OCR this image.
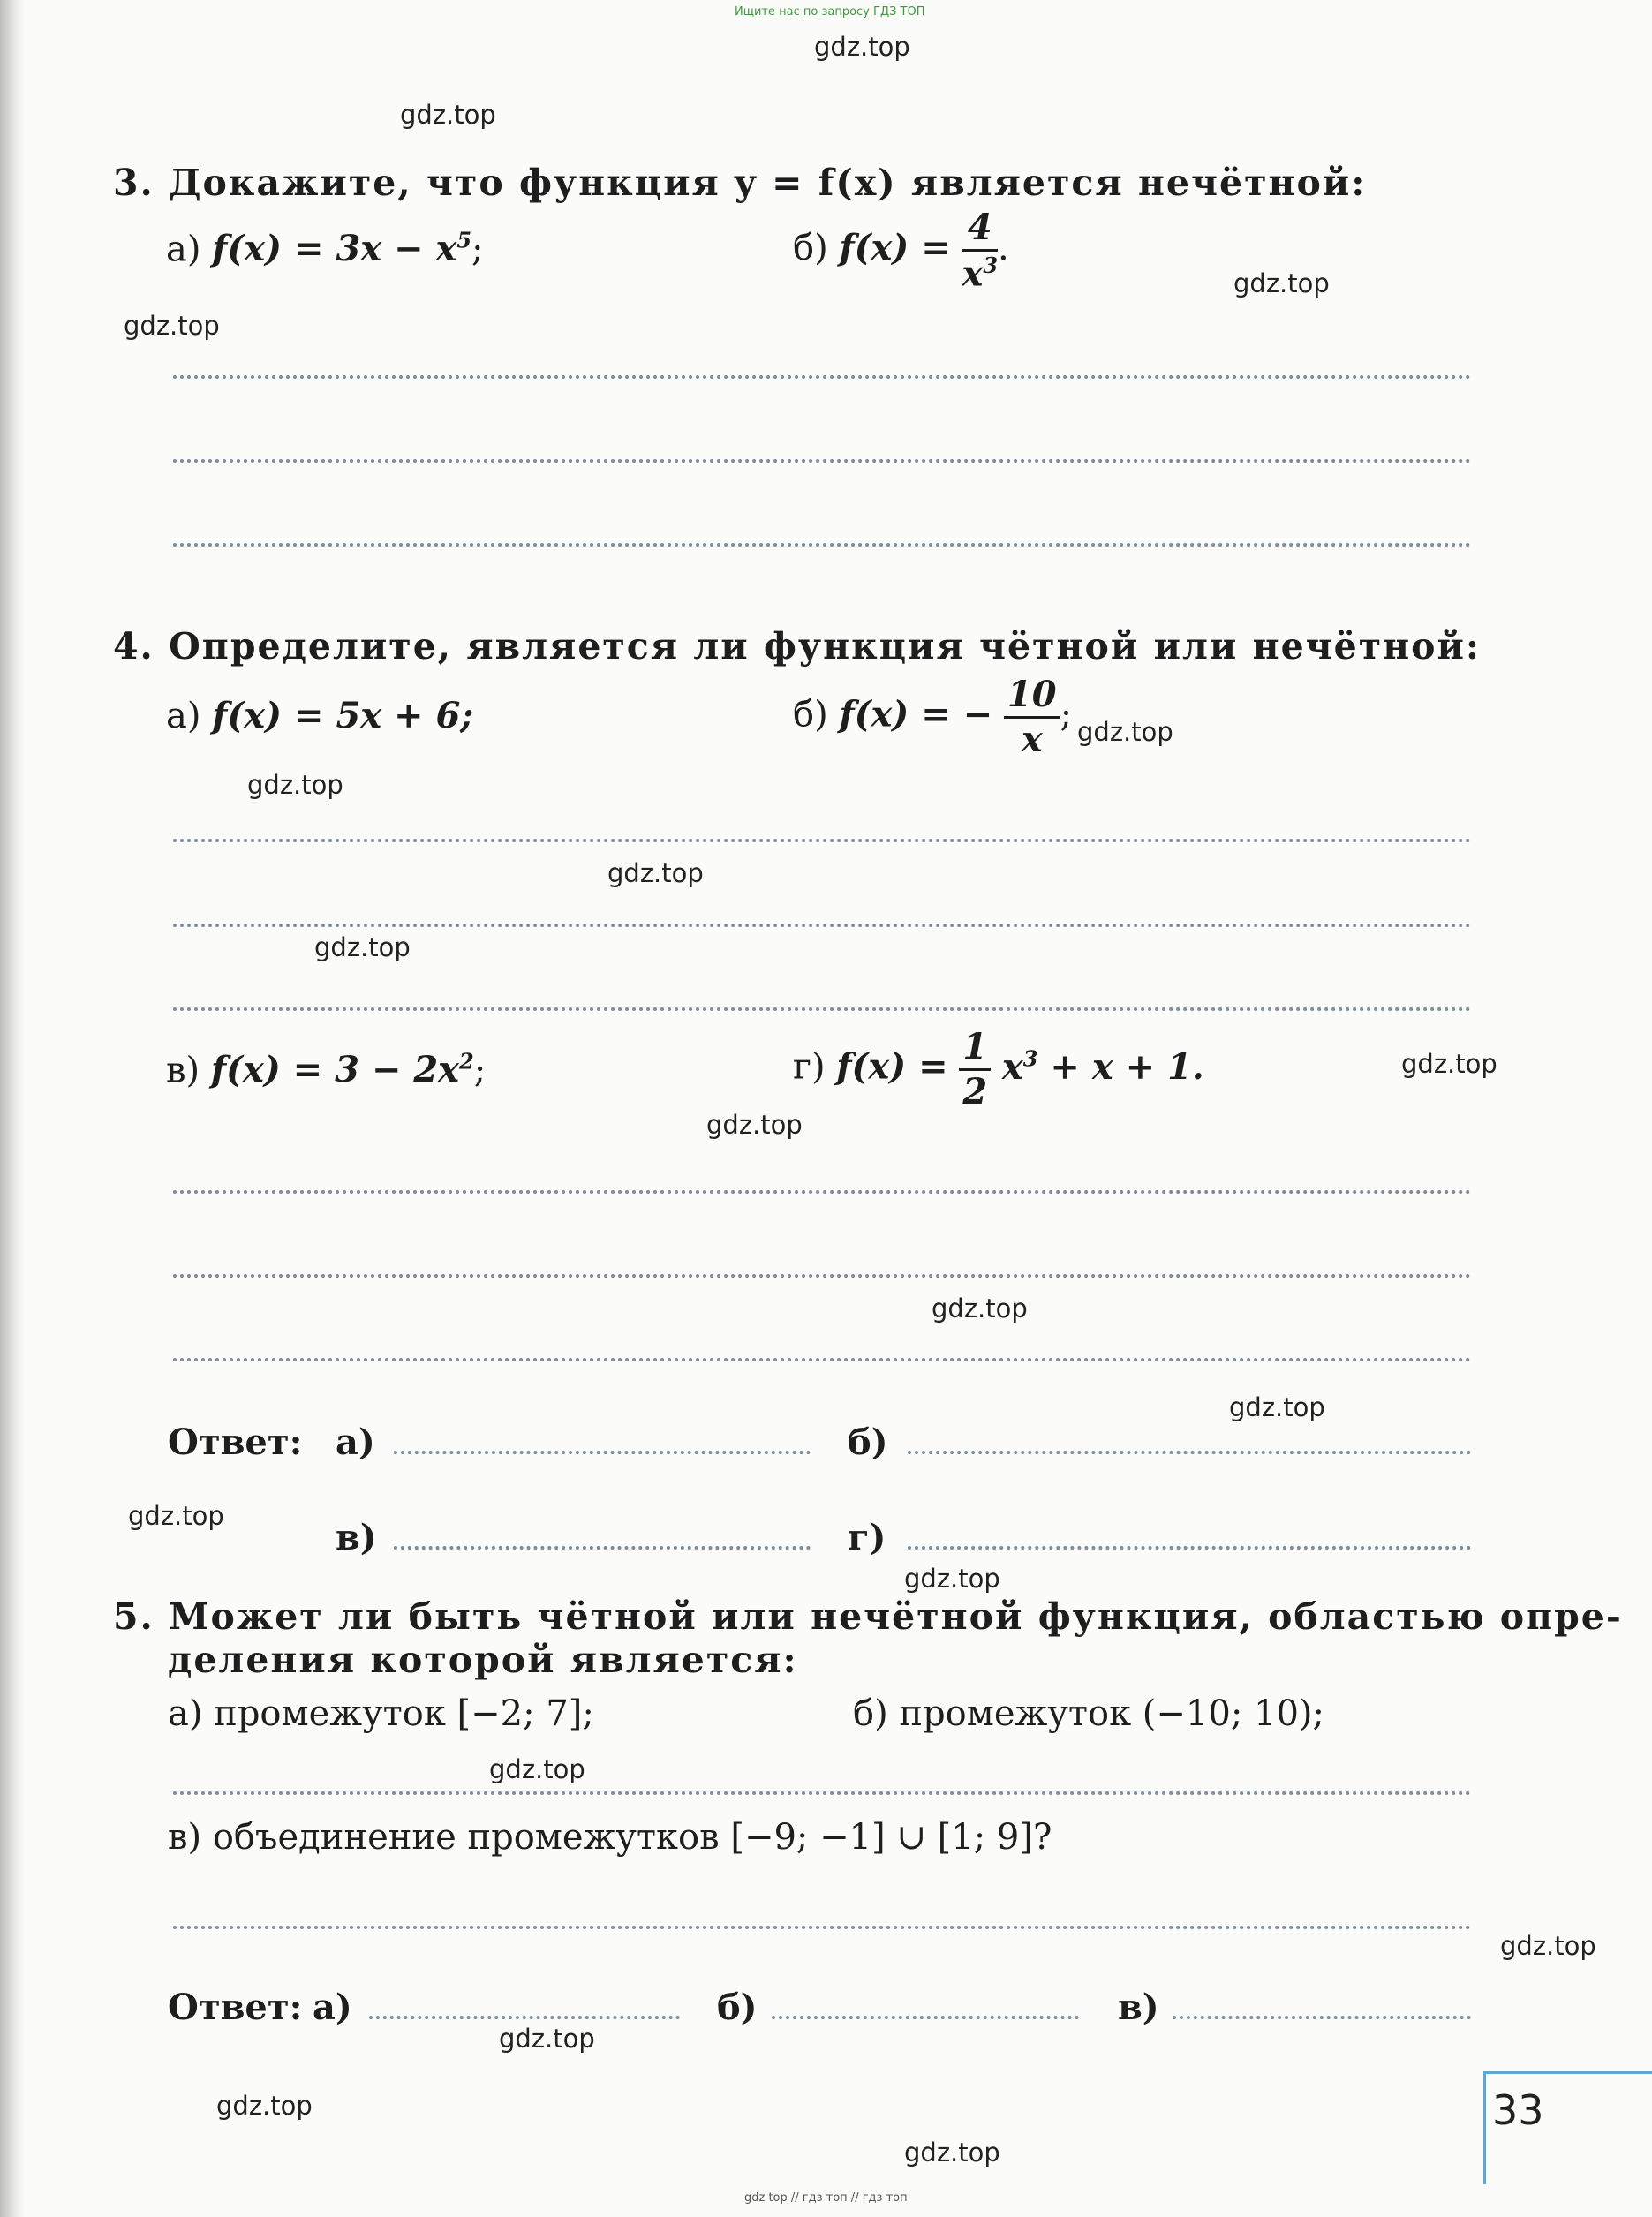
Ищите нас по запросу ГДЗ ТОП
gdz.top
gdz.top
gdz.top
gdz.top
gdz.top
gdz.top
gdz.top
gdz.top
gdz.top
gdz.top
gdz.top
gdz.top
gdz.top
gdz.top
gdz.top
gdz.top
gdz.top
gdz.top
gdz.top
3. Докажите, что функция y = f(x) является нечётной:
а) $f(x) = 3x - x^5$;	б) $f(x) = \frac{4}{x^3}$ .
4. Определите, является ли функция чётной или нечётной:
а) f(x) = 5x + 6;	б) f(x) = − $\frac{10}{x}$ ;
в) $f(x) = 3 - 2x^2$;	г) $f(x) = \frac{1}{2} x^3 + x + 1$.
Ответ: а)	б)
в)	г)
5. Может ли быть чётной или нечётной функция, областью опре-
деления которой является:
а) промежуток [−2; 7];	б) промежуток (−10; 10);
в) объединение промежутков [−9; −1] ∪ [1; 9]?
Ответ: а)	б)	в)
33
gdz top // гдз топ // гдз топ
